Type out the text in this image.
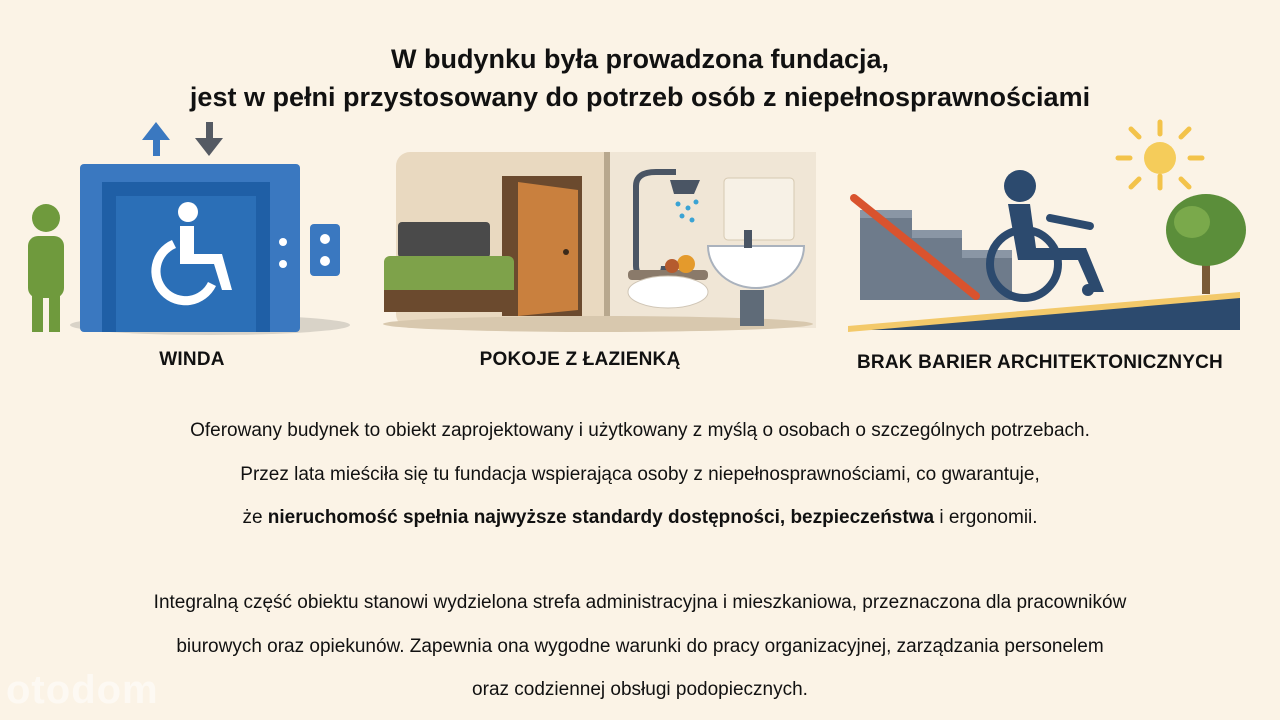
W budynku była prowadzona fundacja,
jest w pełni przystosowany do potrzeb osób z niepełnosprawnościami
WINDA	POKOJE Z ŁAZIENKĄ	BRAK BARIER ARCHITEKTONICZNYCH
Oferowany budynek to obiekt zaprojektowany i użytkowany z myślą o osobach o szczególnych potrzebach.
Przez lata mieściła się tu fundacja wspierająca osoby z niepełnosprawnościami, co gwarantuje,
że nieruchomość spełnia najwyższe standardy dostępności, bezpieczeństwa i ergonomii.
Integralną część obiektu stanowi wydzielona strefa administracyjna i mieszkaniowa, przeznaczona dla pracowników
biurowych oraz opiekunów. Zapewnia ona wygodne warunki do pracy organizacyjnej, zarządzania personelem
oraz codziennej obsługi podopiecznych.
otodom
